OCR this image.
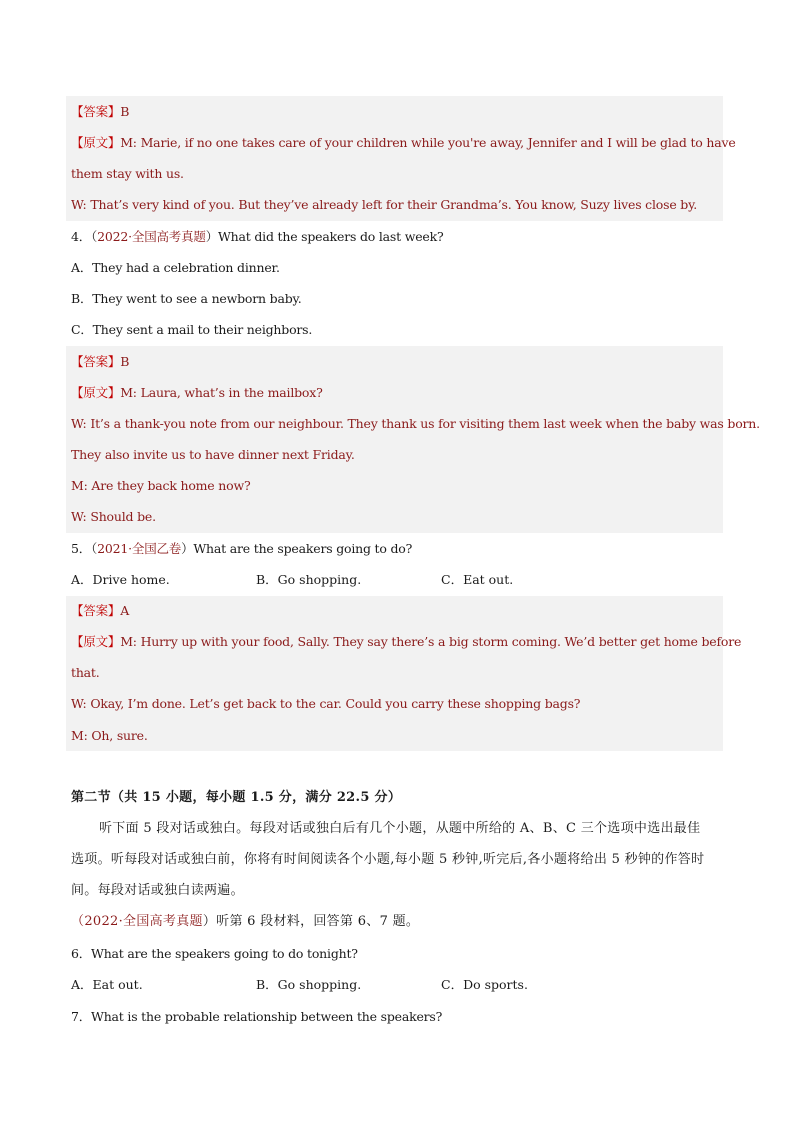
【答案】B
【原文】M: Marie, if no one takes care of your children while you're away, Jennifer and I will be glad to have
them stay with us.
W: That’s very kind of you. But they’ve already left for their Grandma’s. You know, Suzy lives close by.
4．（2022·全国高考真题）What did the speakers do last week?
A．They had a celebration dinner.
B．They went to see a newborn baby.
C．They sent a mail to their neighbors.
【答案】B
【原文】M: Laura, what’s in the mailbox?
W: It’s a thank-you note from our neighbour. They thank us for visiting them last week when the baby was born.
They also invite us to have dinner next Friday.
M: Are they back home now?
W: Should be.
5．（2021·全国乙卷）What are the speakers going to do?
A．Drive home.	B．Go shopping.	C．Eat out.
【答案】A
【原文】M: Hurry up with your food, Sally. They say there’s a big storm coming. We’d better get home before
that.
W: Okay, I’m done. Let’s get back to the car. Could you carry these shopping bags?
M: Oh, sure.
第二节（共 15 小题，每小题 1.5 分，满分 22.5 分）
听下面 5 段对话或独白。每段对话或独白后有几个小题，从题中所给的 A、B、C 三个选项中选出最佳
选项。听每段对话或独白前，你将有时间阅读各个小题,每小题 5 秒钟,听完后,各小题将给出 5 秒钟的作答时
间。每段对话或独白读两遍。
（2022·全国高考真题）听第 6 段材料，回答第 6、7 题。
6．What are the speakers going to do tonight?
A．Eat out.	B．Go shopping.	C．Do sports.
7．What is the probable relationship between the speakers?
